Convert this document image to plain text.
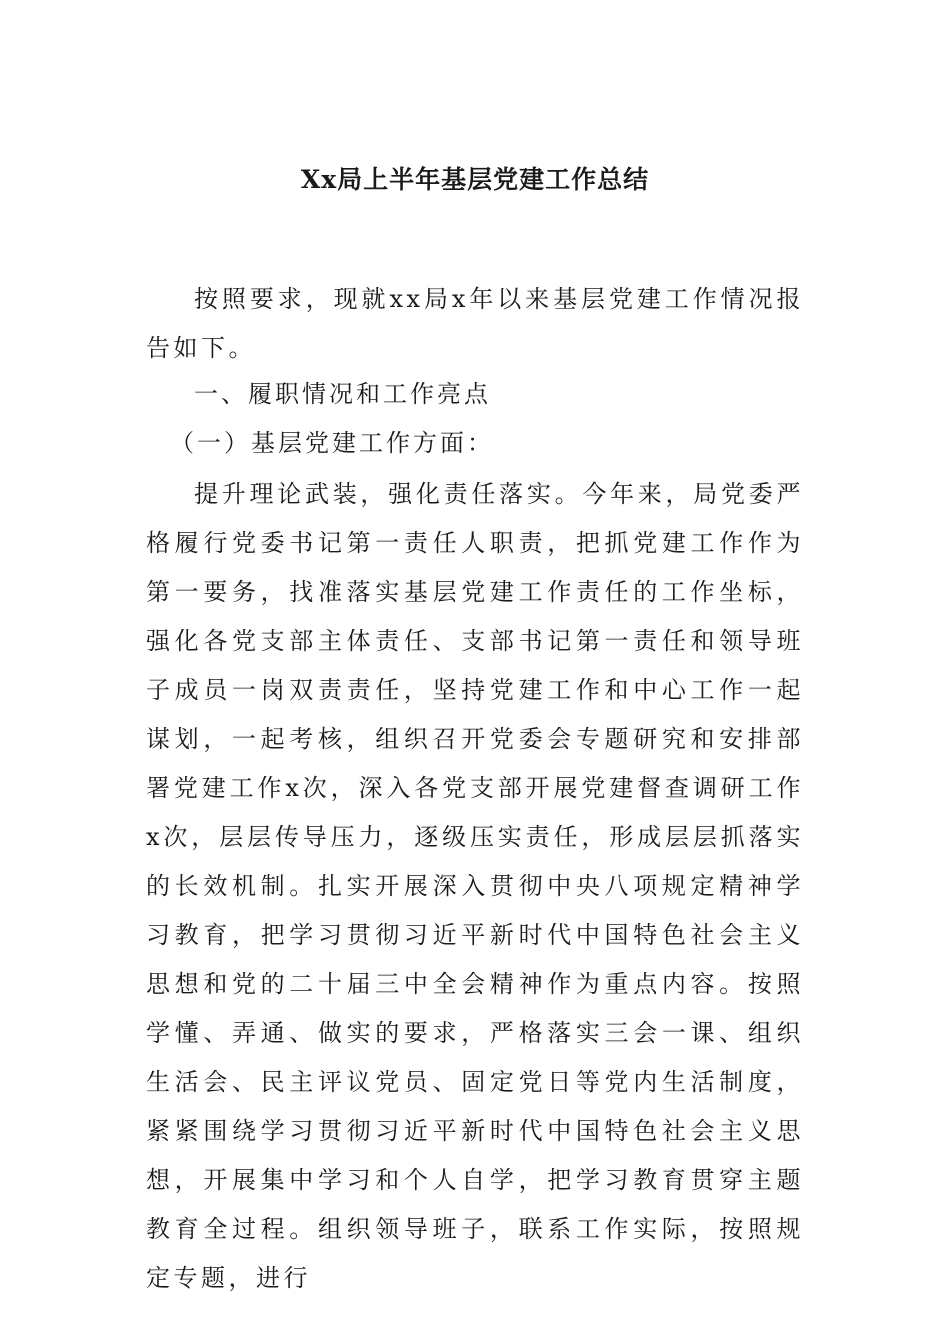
Xx局上半年基层党建工作总结

按照要求，现就xx局x年以来基层党建工作情况报告如下。

一、履职情况和工作亮点

（一）基层党建工作方面：

提升理论武装，强化责任落实。今年来，局党委严格履行党委书记第一责任人职责，把抓党建工作作为第一要务，找准落实基层党建工作责任的工作坐标，强化各党支部主体责任、支部书记第一责任和领导班子成员一岗双责责任，坚持党建工作和中心工作一起谋划，一起考核，组织召开党委会专题研究和安排部署党建工作x次，深入各党支部开展党建督查调研工作x次，层层传导压力，逐级压实责任，形成层层抓落实的长效机制。扎实开展深入贯彻中央八项规定精神学习教育，把学习贯彻习近平新时代中国特色社会主义思想和党的二十届三中全会精神作为重点内容。按照学懂、弄通、做实的要求，严格落实三会一课、组织生活会、民主评议党员、固定党日等党内生活制度，紧紧围绕学习贯彻习近平新时代中国特色社会主义思想，开展集中学习和个人自学，把学习教育贯穿主题教育全过程。组织领导班子，联系工作实际，按照规定专题，进行
